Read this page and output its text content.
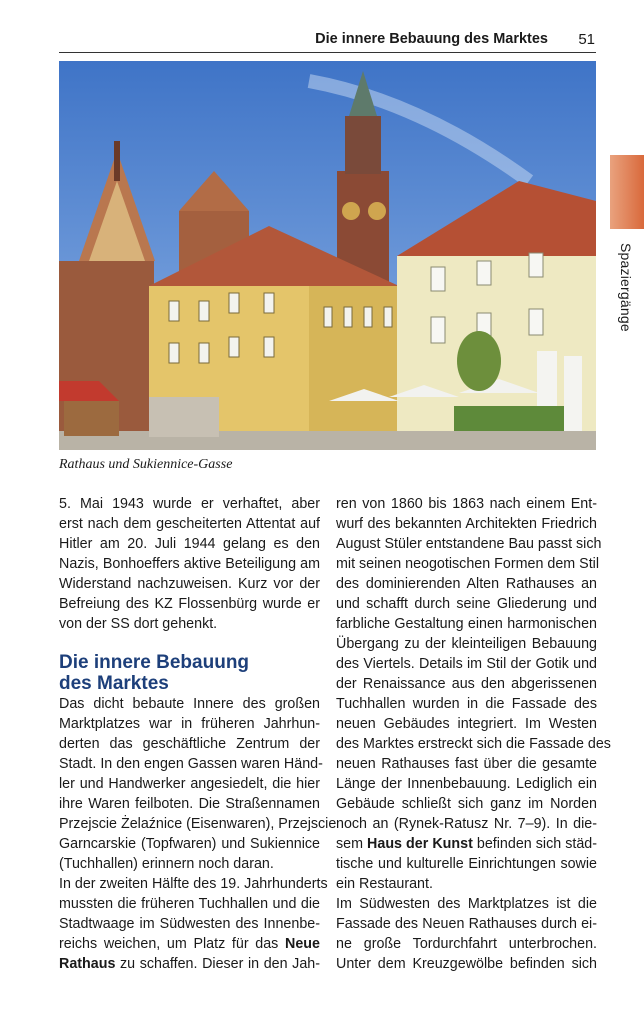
Die innere Bebauung des Marktes 51
Spaziergänge
Rathaus und Sukiennice-Gasse

5. Mai 1943 wurde er verhaftet, aber
erst nach dem gescheiterten Attentat auf
Hitler am 20. Juli 1944 gelang es den
Nazis, Bonhoeffers aktive Beteiligung am
Widerstand nachzuweisen. Kurz vor der
Befreiung des KZ Flossenbürg wurde er
von der SS dort gehenkt.

Die innere Bebauung
des Marktes

Das dicht bebaute Innere des großen
Marktplatzes war in früheren Jahrhun-
derten das geschäftliche Zentrum der
Stadt. In den engen Gassen waren Händ-
ler und Handwerker angesiedelt, die hier
ihre Waren feilboten. Die Straßennamen
Przejscie Żelaźnice (Eisenwaren), Przejscie
Garncarskie (Topfwaren) und Sukiennice
(Tuchhallen) erinnern noch daran.

In der zweiten Hälfte des 19. Jahrhunderts
mussten die früheren Tuchhallen und die
Stadtwaage im Südwesten des Innenbe-
reichs weichen, um Platz für das Neue
Rathaus zu schaffen. Dieser in den Jah-

ren von 1860 bis 1863 nach einem Ent-
wurf des bekannten Architekten Friedrich
August Stüler entstandene Bau passt sich
mit seinen neogotischen Formen dem Stil
des dominierenden Alten Rathauses an
und schafft durch seine Gliederung und
farbliche Gestaltung einen harmonischen
Übergang zu der kleinteiligen Bebauung
des Viertels. Details im Stil der Gotik und
der Renaissance aus den abgerissenen
Tuchhallen wurden in die Fassade des
neuen Gebäudes integriert. Im Westen
des Marktes erstreckt sich die Fassade des
neuen Rathauses fast über die gesamte
Länge der Innenbebauung. Lediglich ein
Gebäude schließt sich ganz im Norden
noch an (Rynek-Ratusz Nr. 7–9). In die-
sem Haus der Kunst befinden sich städ-
tische und kulturelle Einrichtungen sowie
ein Restaurant.

Im Südwesten des Marktplatzes ist die
Fassade des Neuen Rathauses durch ei-
ne große Tordurchfahrt unterbrochen.
Unter dem Kreuzgewölbe befinden sich
